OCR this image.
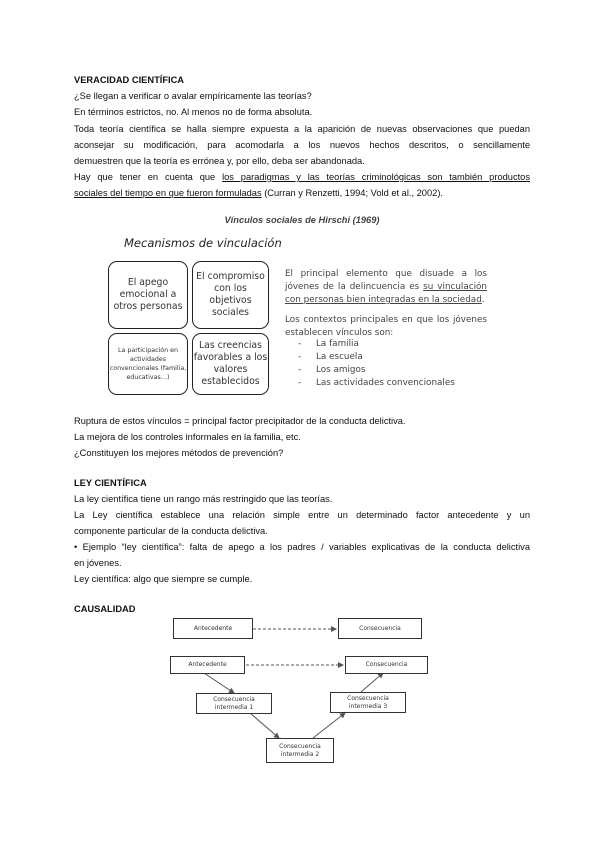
VERACIDAD CIENTÍFICA
¿Se llegan a verificar o avalar empíricamente las teorías?
En términos estrictos, no. Al menos no de forma absoluta.
Toda teoría científica se halla siempre expuesta a la aparición de nuevas observaciones que puedan
aconsejar su modificación, para acomodarla a los nuevos hechos descritos, o sencillamente
demuestren que la teoría es errónea y, por ello, deba ser abandonada.
Hay que tener en cuenta que los paradigmas y las teorías criminológicas son también productos
sociales del tiempo en que fueron formuladas (Curran y Renzetti, 1994; Vold et al., 2002).
Vínculos sociales de Hirschi (1969)
Mecanismos de vinculación
El apego emocional a otros personas
El compromiso con los objetivos sociales
La participación en actividades convencionales (familia, educativas…)
Las creencias favorables a los valores establecidos
El principal elemento que disuade a los
jóvenes de la delincuencia es su vinculación
con personas bien integradas en la sociedad.
Los contextos principales en que los jóvenes
establecen vínculos son:
- La familia
- La escuela
- Los amigos
- Las actividades convencionales
Ruptura de estos vínculos = principal factor precipitador de la conducta delictiva.
La mejora de los controles informales en la familia, etc.
¿Constituyen los mejores métodos de prevención?
LEY CIENTÍFICA
La ley científica tiene un rango más restringido que las teorías.
La Ley científica establece una relación simple entre un determinado factor antecedente y un
componente particular de la conducta delictiva.
• Ejemplo “ley científica”: falta de apego a los padres / variables explicativas de la conducta delictiva
en jóvenes.
Ley científica: algo que siempre se cumple.
CAUSALIDAD
Antecedente	Consecuencia
Antecedente	Consecuencia
Consecuencia intermedia 1
Consecuencia intermedia 3
Consecuencia intermedia 2
